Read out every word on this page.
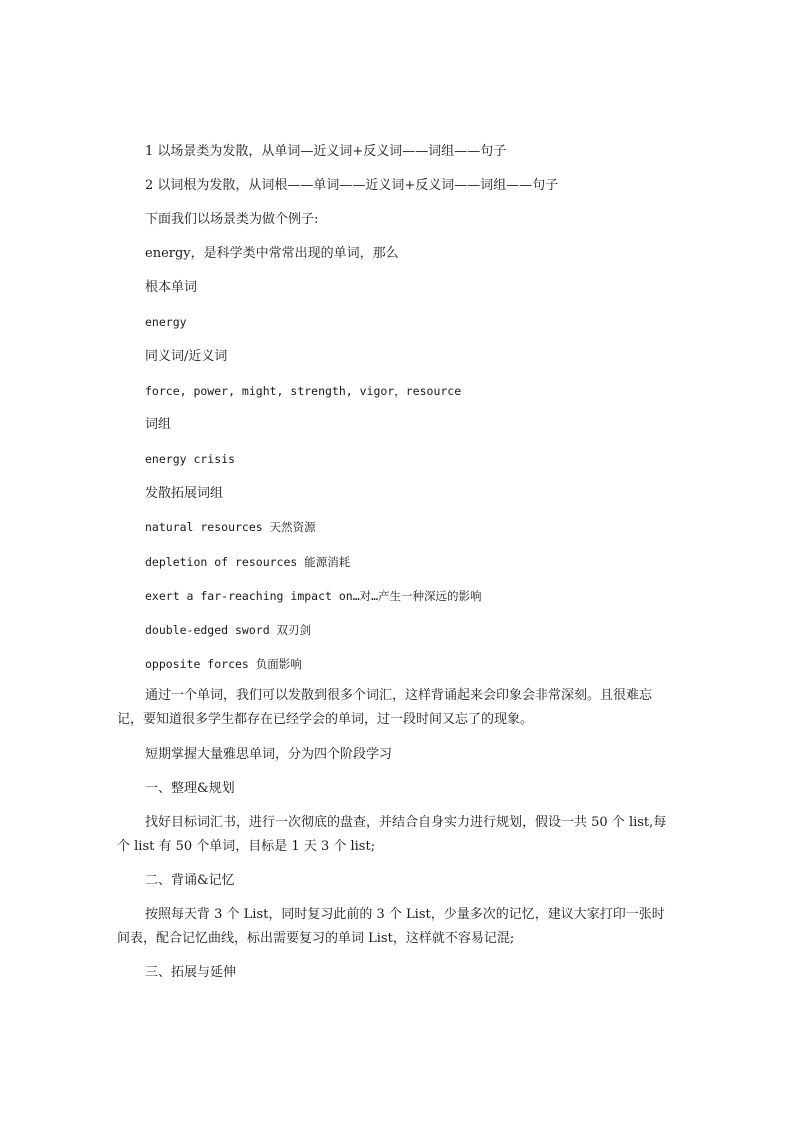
1 以场景类为发散，从单词—近义词+反义词——词组——句子

2 以词根为发散，从词根——单词——近义词+反义词——词组——句子

下面我们以场景类为做个例子:

energy，是科学类中常常出现的单词，那么

根本单词

energy

同义词/近义词

force, power, might, strength, vigor，resource

词组

energy crisis

发散拓展词组

natural resources 天然资源

depletion of resources 能源消耗

exert a far-reaching impact on…对…产生一种深远的影响

double-edged sword 双刃剑

opposite forces 负面影响

通过一个单词，我们可以发散到很多个词汇，这样背诵起来会印象会非常深刻。且很难忘记，要知道很多学生都存在已经学会的单词，过一段时间又忘了的现象。

短期掌握大量雅思单词，分为四个阶段学习

一、整理&规划

找好目标词汇书，进行一次彻底的盘查，并结合自身实力进行规划，假设一共 50 个 list,每个 list 有 50 个单词，目标是 1 天 3 个 list;

二、背诵&记忆

按照每天背 3 个 List，同时复习此前的 3 个 List，少量多次的记忆，建议大家打印一张时间表，配合记忆曲线，标出需要复习的单词 List，这样就不容易记混;

三、拓展与延伸
